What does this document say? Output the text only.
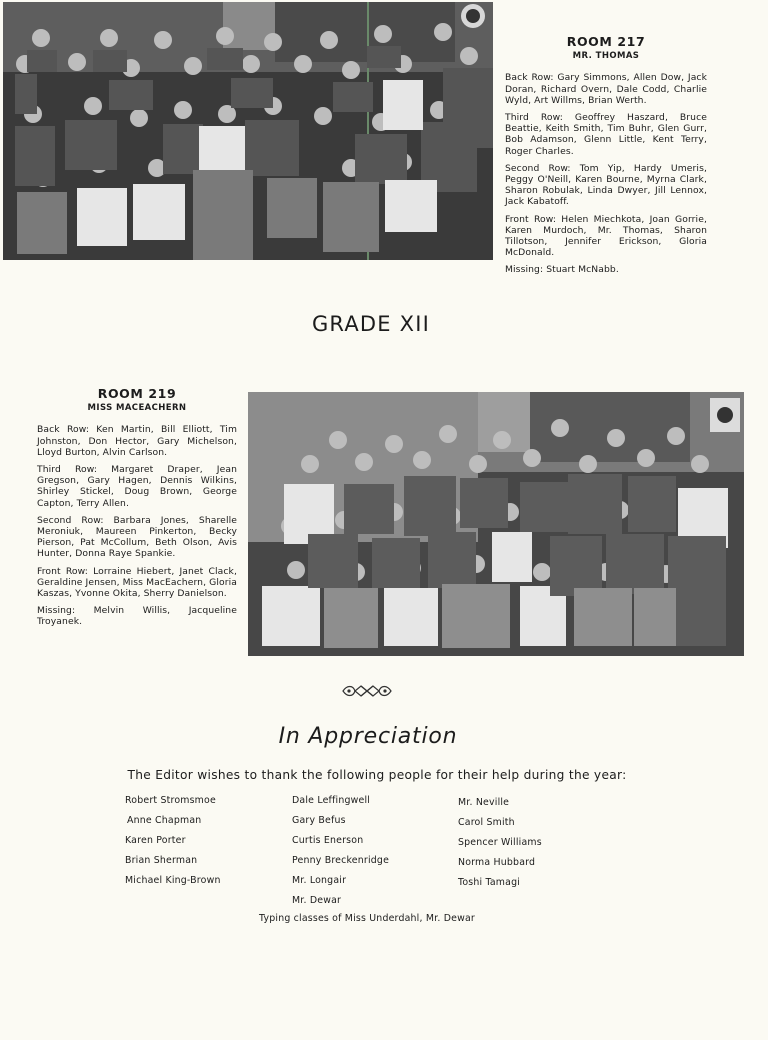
ROOM 217
MR. THOMAS
Back Row: Gary Simmons, Allen Dow, Jack Doran, Richard Overn, Dale Codd, Charlie Wyld, Art Willms, Brian Werth.
Third Row: Geoffrey Haszard, Bruce Beattie, Keith Smith, Tim Buhr, Glen Gurr, Bob Adamson, Glenn Little, Kent Terry, Roger Charles.
Second Row: Tom Yip, Hardy Umeris, Peggy O'Neill, Karen Bourne, Myrna Clark, Sharon Robulak, Linda Dwyer, Jill Lennox, Jack Kabatoff.
Front Row: Helen Miechkota, Joan Gorrie, Karen Murdoch, Mr. Thomas, Sharon Tillotson, Jennifer Erickson, Gloria McDonald.
Missing: Stuart McNabb.
GRADE XII
ROOM 219
MISS MACEACHERN
Back Row: Ken Martin, Bill Elliott, Tim Johnston, Don Hector, Gary Michelson, Lloyd Burton, Alvin Carlson.
Third Row: Margaret Draper, Jean Gregson, Gary Hagen, Dennis Wilkins, Shirley Stickel, Doug Brown, George Capton, Terry Allen.
Second Row: Barbara Jones, Sharelle Meroniuk, Maureen Pinkerton, Becky Pierson, Pat McCollum, Beth Olson, Avis Hunter, Donna Raye Spankie.
Front Row: Lorraine Hiebert, Janet Clack, Geraldine Jensen, Miss MacEachern, Gloria Kaszas, Yvonne Okita, Sherry Danielson.
Missing: Melvin Willis, Jacqueline Troyanek.
In Appreciation

The Editor wishes to thank the following people for their help during the year:

Robert Stromsmoe
Anne Chapman
Karen Porter
Brian Sherman
Michael King-Brown
Dale Leffingwell
Gary Befus
Curtis Enerson
Penny Breckenridge
Mr. Longair
Mr. Dewar
Mr. Neville
Carol Smith
Spencer Williams
Norma Hubbard
Toshi Tamagi

Typing classes of Miss Underdahl, Mr. Dewar
